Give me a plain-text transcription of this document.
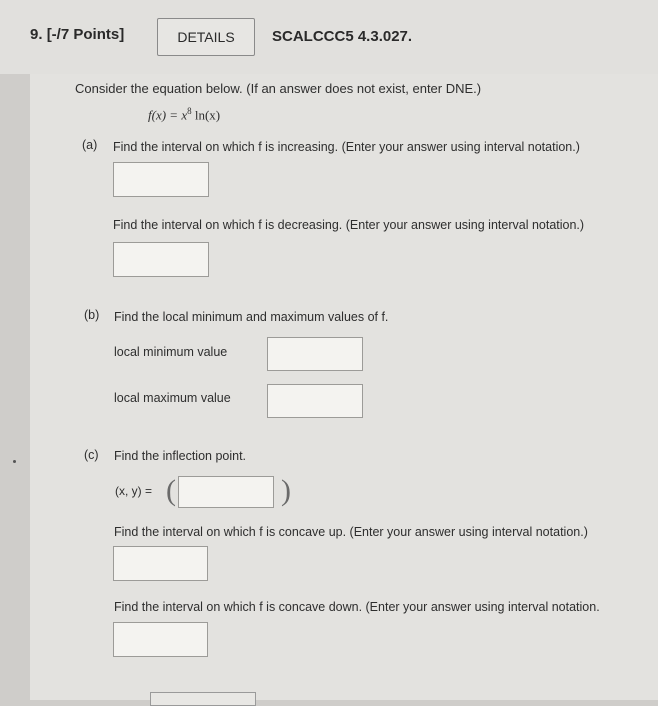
9. [-/7 Points]	DETAILS	SCALCCC5 4.3.027.
Consider the equation below. (If an answer does not exist, enter DNE.)
$f(x) = x^8$ ln(x)
(a) Find the interval on which f is increasing. (Enter your answer using interval notation.)
Find the interval on which f is decreasing. (Enter your answer using interval notation.)
(b) Find the local minimum and maximum values of f.
local minimum value
local maximum value
(c) Find the inflection point.
(x, y) = (	)
Find the interval on which f is concave up. (Enter your answer using interval notation.)
Find the interval on which f is concave down. (Enter your answer using interval notation.
